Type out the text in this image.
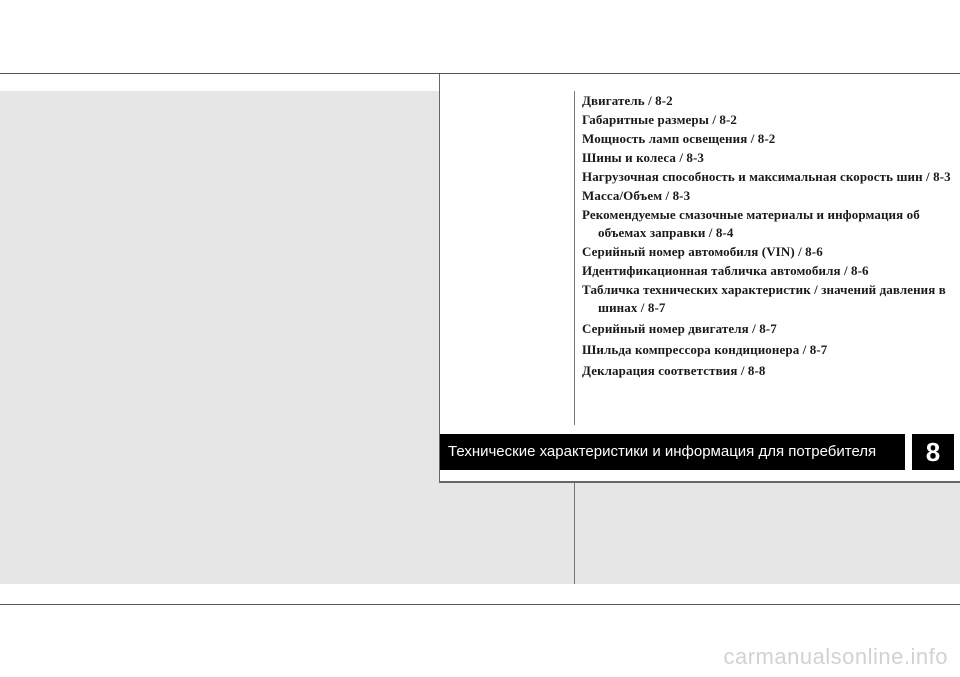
Двигатель / 8-2
Габаритные размеры / 8-2
Мощность ламп освещения / 8-2
Шины и колеса / 8-3
Нагрузочная способность и максимальная скорость шин / 8-3
Масса/Объем / 8-3
Рекомендуемые смазочные материалы и информация об объемах заправки / 8-4
Серийный номер автомобиля (VIN) / 8-6
Идентификационная табличка автомобиля / 8-6
Табличка технических характеристик / значений давления в шинах / 8-7
Серийный номер двигателя / 8-7
Шильда компрессора кондиционера / 8-7
Декларация соответствия / 8-8
Технические характеристики и информация для потребителя	8
carmanualsonline.info
